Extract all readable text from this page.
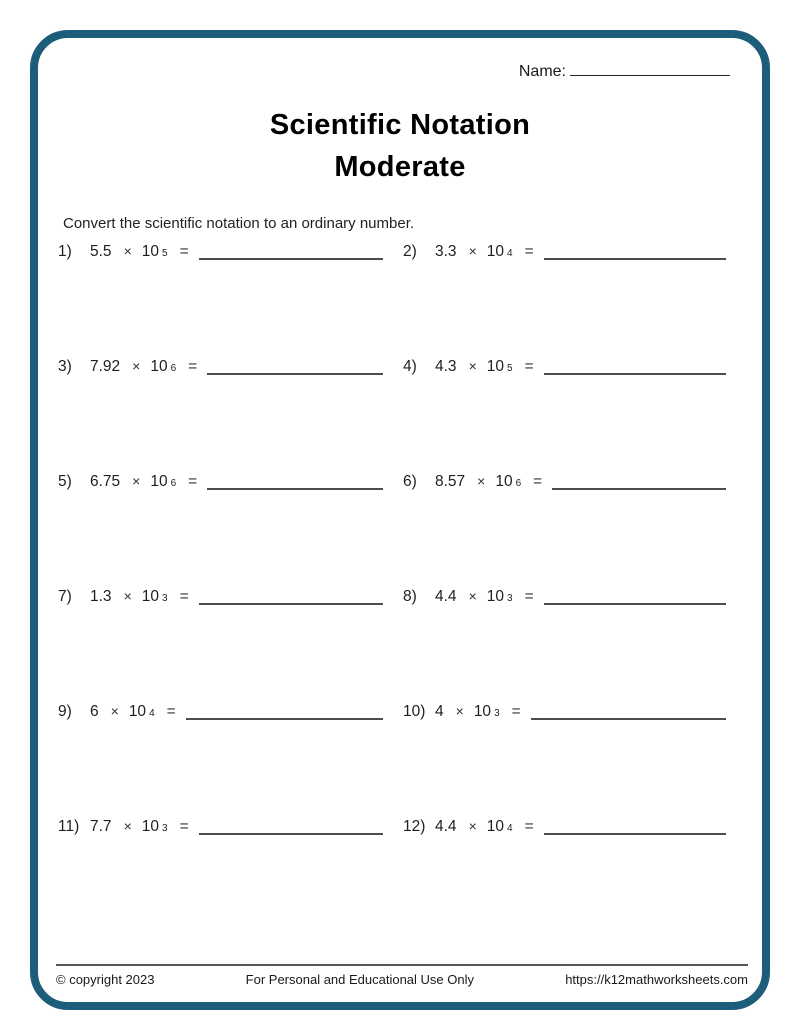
Name:
Scientific Notation
Moderate
Convert the scientific notation to an ordinary number.
1)	5.5 × 10 5 =	2)	3.3 × 10 4 =
3)	7.92 × 10 6 =	4)	4.3 × 10 5 =
5)	6.75 × 10 6 =	6)	8.57 × 10 6 =
7)	1.3 × 10 3 =	8)	4.4 × 10 3 =
9)	6 × 10 4 =	10) 4 × 10 3 =
11) 7.7 × 10 3 =	12) 4.4 × 10 4 =
© copyright 2023	For Personal and Educational Use Only	https://k12mathworksheets.com
